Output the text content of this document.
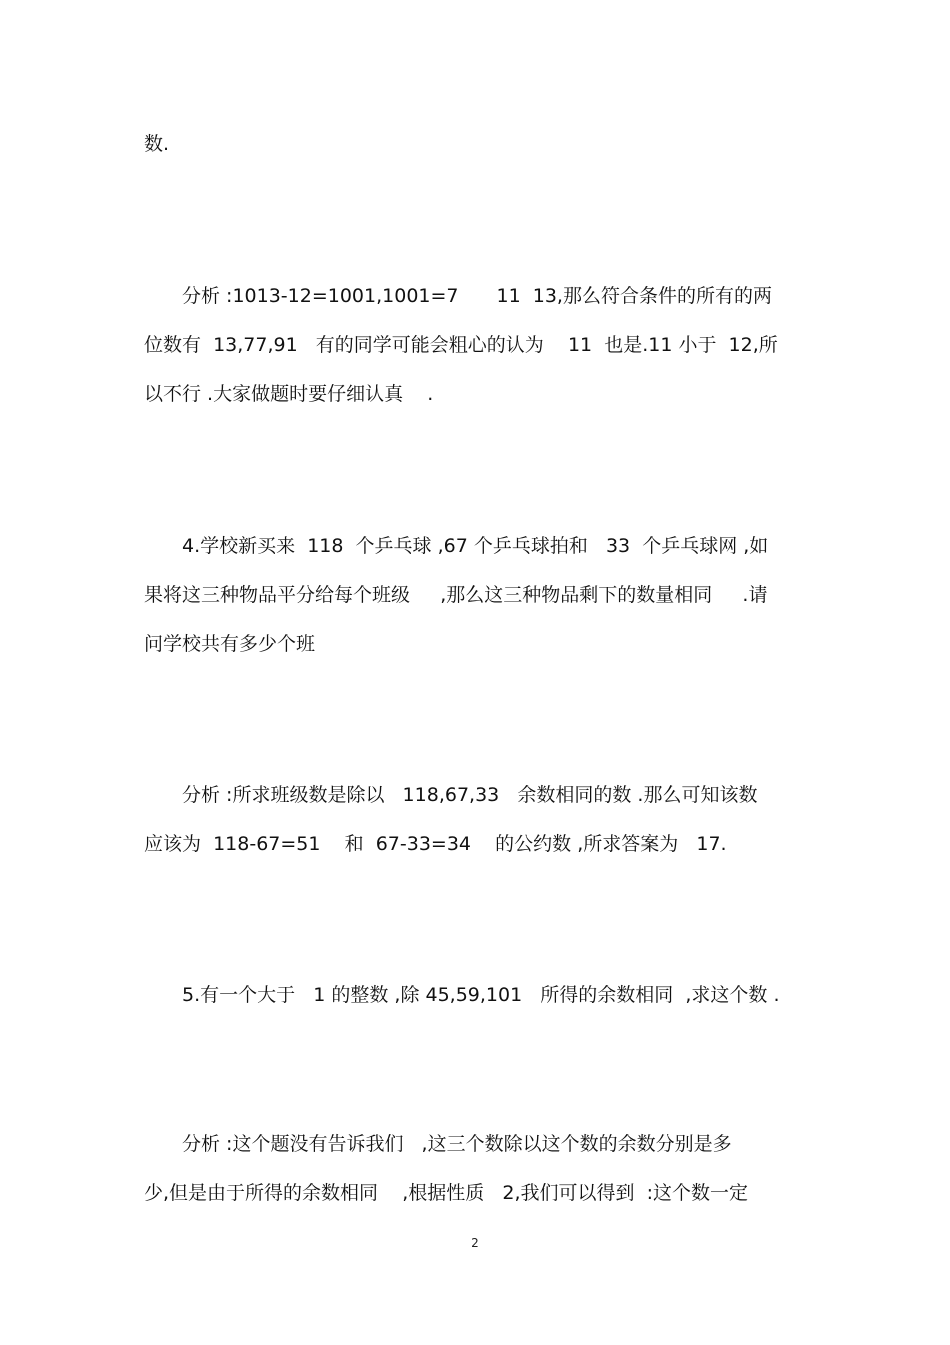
数.

　　分析 :1013-12=1001,1001=7　　11  13,那么符合条件的所有的两

位数有  13,77,91   有的同学可能会粗心的认为    11  也是.11 小于  12,所

以不行 .大家做题时要仔细认真    .

　　4.学校新买来  118  个乒乓球 ,67 个乒乓球拍和   33  个乒乓球网 ,如

果将这三种物品平分给每个班级     ,那么这三种物品剩下的数量相同     .请

问学校共有多少个班

　　分析 :所求班级数是除以   118,67,33   余数相同的数 .那么可知该数

应该为  118-67=51    和  67-33=34    的公约数 ,所求答案为   17.

　　5.有一个大于   1 的整数 ,除 45,59,101   所得的余数相同  ,求这个数 .

　　分析 :这个题没有告诉我们   ,这三个数除以这个数的余数分别是多

少,但是由于所得的余数相同    ,根据性质   2,我们可以得到  :这个数一定

2
